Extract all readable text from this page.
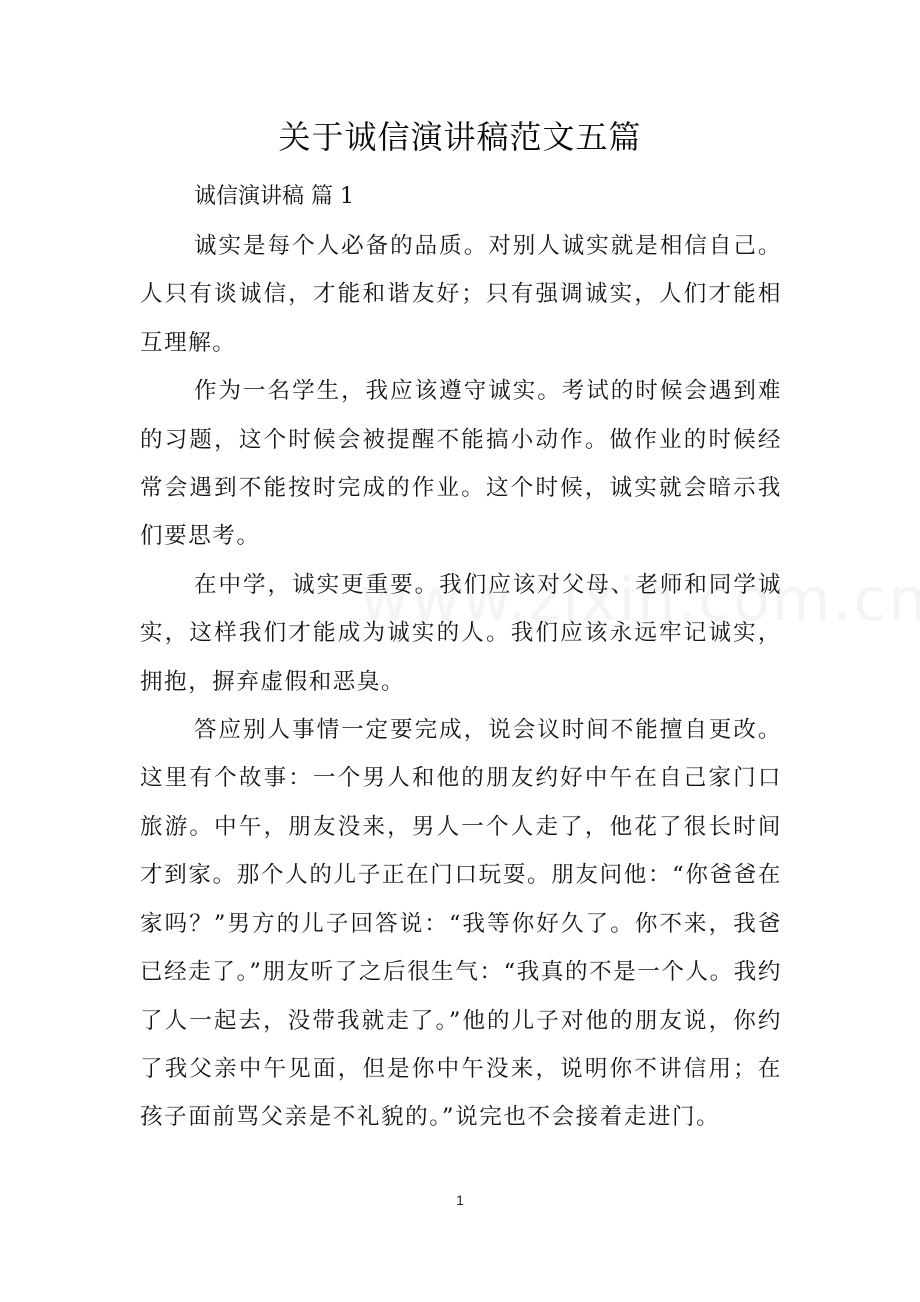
关于诚信演讲稿范文五篇
诚信演讲稿 篇 1

诚实是每个人必备的品质。对别人诚实就是相信自己。人只有谈诚信，才能和谐友好；只有强调诚实，人们才能相互理解。

作为一名学生，我应该遵守诚实。考试的时候会遇到难的习题，这个时候会被提醒不能搞小动作。做作业的时候经常会遇到不能按时完成的作业。这个时候，诚实就会暗示我们要思考。

在中学，诚实更重要。我们应该对父母、老师和同学诚实，这样我们才能成为诚实的人。我们应该永远牢记诚实，拥抱，摒弃虚假和恶臭。

答应别人事情一定要完成，说会议时间不能擅自更改。这里有个故事：一个男人和他的朋友约好中午在自己家门口旅游。中午，朋友没来，男人一个人走了，他花了很长时间才到家。那个人的儿子正在门口玩耍。朋友问他：“你爸爸在家吗？”男方的儿子回答说：“我等你好久了。你不来，我爸已经走了。”朋友听了之后很生气：“我真的不是一个人。我约了人一起去，没带我就走了。”他的儿子对他的朋友说，你约了我父亲中午见面，但是你中午没来，说明你不讲信用；在孩子面前骂父亲是不礼貌的。”说完也不会接着走进门。

1
